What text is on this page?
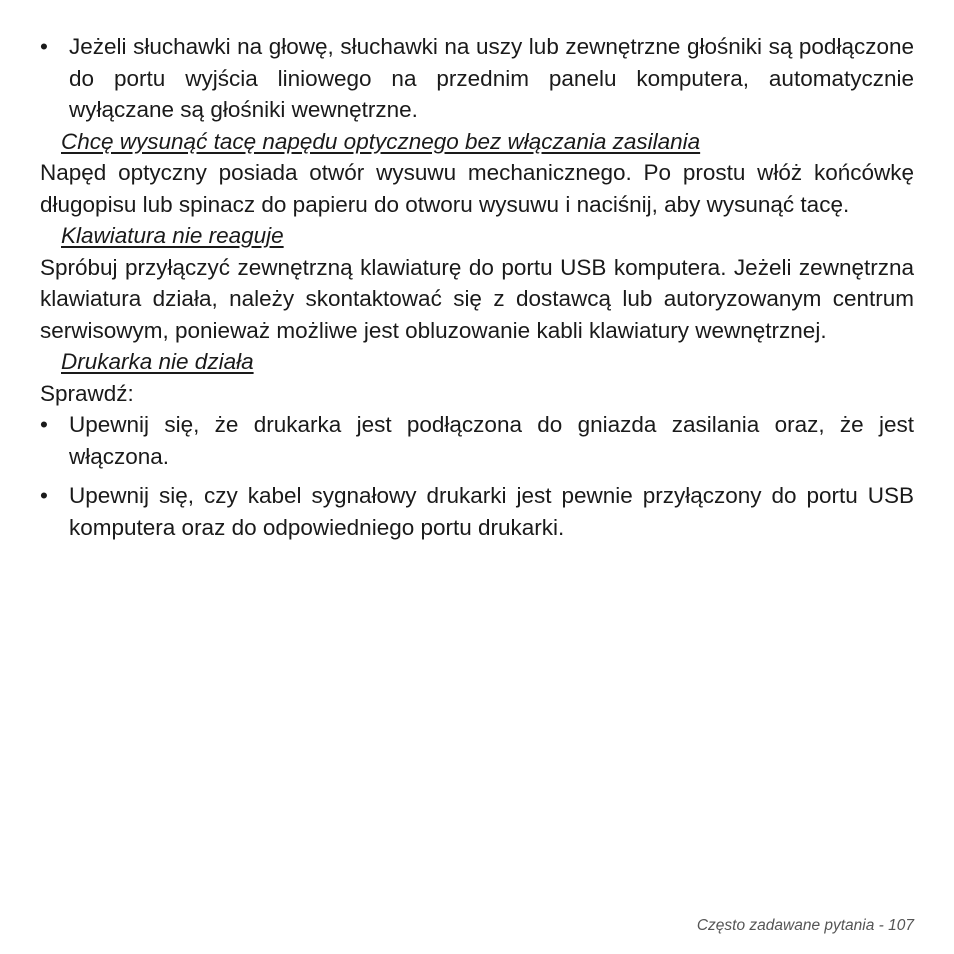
• Jeżeli słuchawki na głowę, słuchawki na uszy lub zewnętrzne głośniki są podłączone do portu wyjścia liniowego na przednim panelu komputera, automatycznie wyłączane są głośniki wewnętrzne.
Chcę wysunąć tacę napędu optycznego bez włączania zasilania

Napęd optyczny posiada otwór wysuwu mechanicznego. Po prostu włóż końcówkę długopisu lub spinacz do papieru do otworu wysuwu i naciśnij, aby wysunąć tacę.

Klawiatura nie reaguje

Spróbuj przyłączyć zewnętrzną klawiaturę do portu USB komputera. Jeżeli zewnętrzna klawiatura działa, należy skontaktować się z dostawcą lub autoryzowanym centrum serwisowym, ponieważ możliwe jest obluzowanie kabli klawiatury wewnętrznej.

Drukarka nie działa

Sprawdź:

• Upewnij się, że drukarka jest podłączona do gniazda zasilania oraz, że jest włączona.
• Upewnij się, czy kabel sygnałowy drukarki jest pewnie przyłączony do portu USB komputera oraz do odpowiedniego portu drukarki.
Często zadawane pytania - 107
